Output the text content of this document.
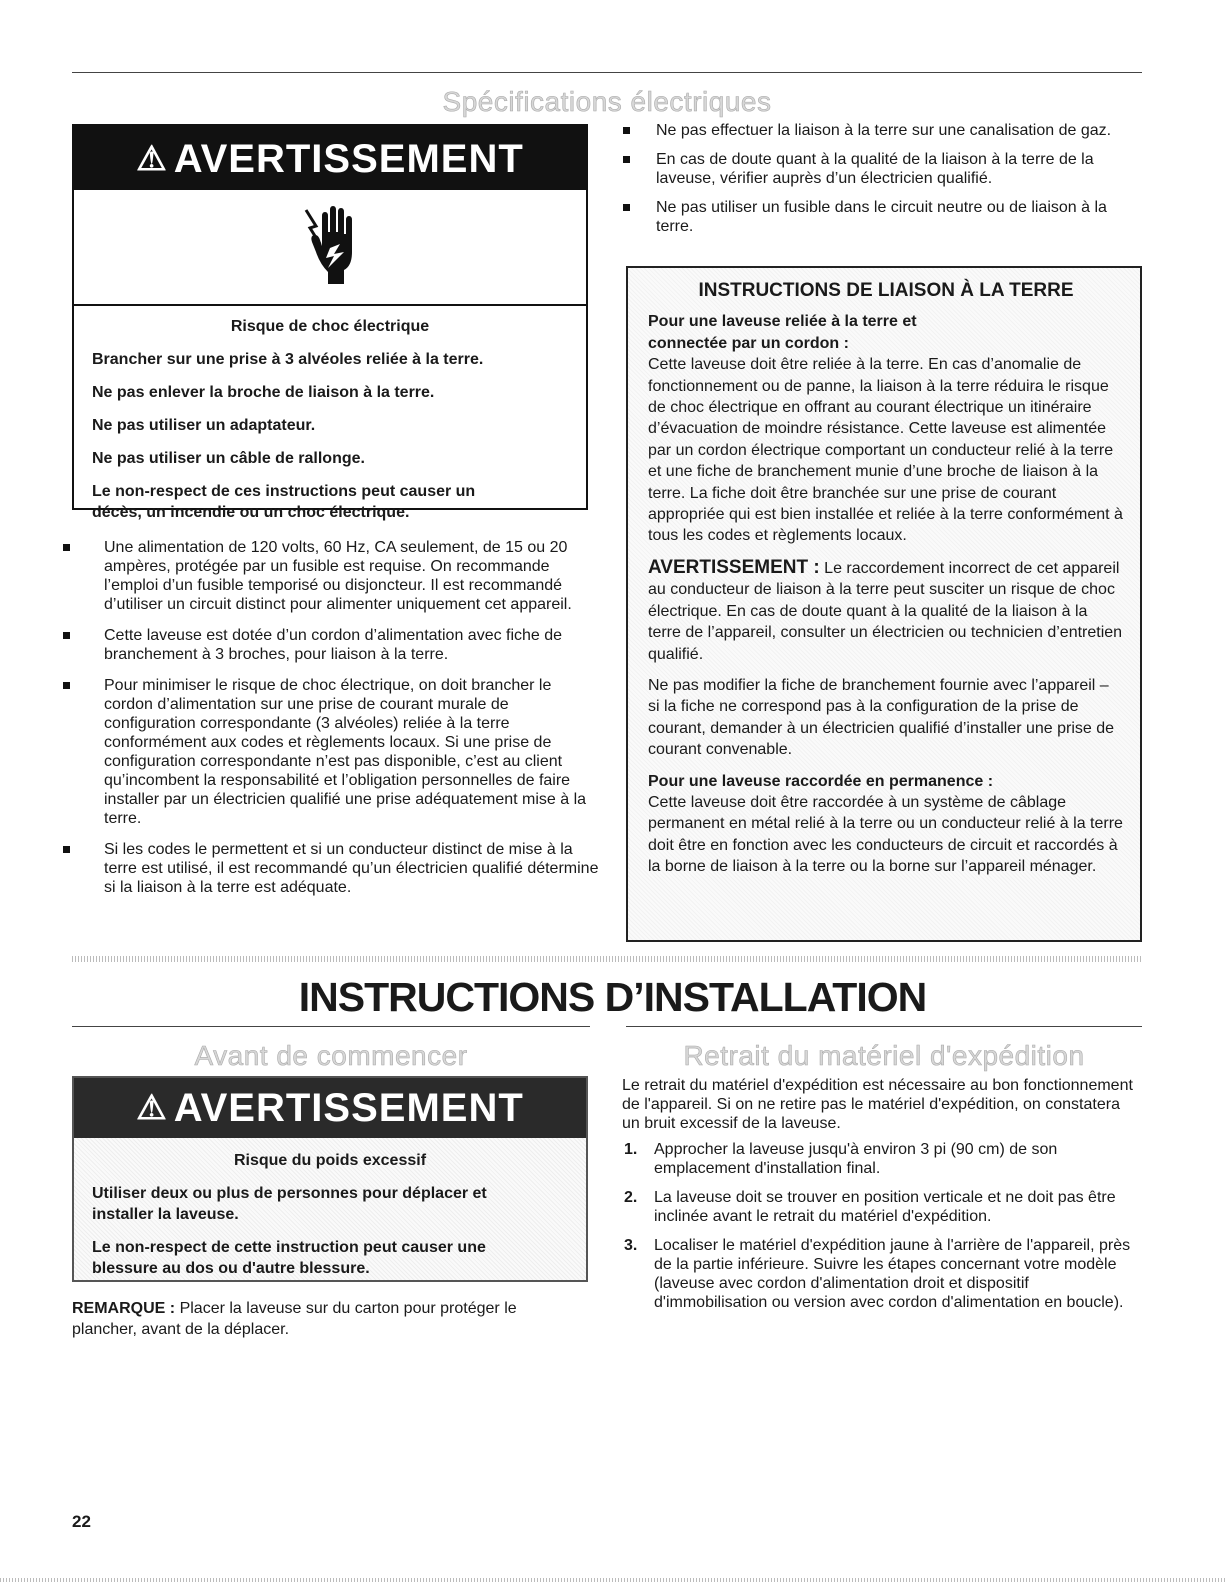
Spécifications électriques
⚠ AVERTISSEMENT

Risque de choc électrique

Brancher sur une prise à 3 alvéoles reliée à la terre.

Ne pas enlever la broche de liaison à la terre.

Ne pas utiliser un adaptateur.

Ne pas utiliser un câble de rallonge.

Le non-respect de ces instructions peut causer un décès, un incendie ou un choc électrique.

Une alimentation de 120 volts, 60 Hz, CA seulement, de 15 ou 20 ampères, protégée par un fusible est requise. On recommande l’emploi d’un fusible temporisé ou disjoncteur. Il est recommandé d’utiliser un circuit distinct pour alimenter uniquement cet appareil.
Cette laveuse est dotée d’un cordon d’alimentation avec fiche de branchement à 3 broches, pour liaison à la terre.
Pour minimiser le risque de choc électrique, on doit brancher le cordon d’alimentation sur une prise de courant murale de configuration correspondante (3 alvéoles) reliée à la terre conformément aux codes et règlements locaux. Si une prise de configuration correspondante n’est pas disponible, c’est au client qu’incombent la responsabilité et l’obligation personnelles de faire installer par un électricien qualifié une prise adéquatement mise à la terre.
Si les codes le permettent et si un conducteur distinct de mise à la terre est utilisé, il est recommandé qu’un électricien qualifié détermine si la liaison à la terre est adéquate.
Ne pas effectuer la liaison à la terre sur une canalisation de gaz.
En cas de doute quant à la qualité de la liaison à la terre de la laveuse, vérifier auprès d’un électricien qualifié.
Ne pas utiliser un fusible dans le circuit neutre ou de liaison à la terre.
INSTRUCTIONS DE LIAISON À LA TERRE
Pour une laveuse reliée à la terre et connectée par un cordon :

Cette laveuse doit être reliée à la terre. En cas d’anomalie de fonctionnement ou de panne, la liaison à la terre réduira le risque de choc électrique en offrant au courant électrique un itinéraire d’évacuation de moindre résistance. Cette laveuse est alimentée par un cordon électrique comportant un conducteur relié à la terre et une fiche de branchement munie d’une broche de liaison à la terre. La fiche doit être branchée sur une prise de courant appropriée qui est bien installée et reliée à la terre conformément à tous les codes et règlements locaux.

AVERTISSEMENT : Le raccordement incorrect de cet appareil au conducteur de liaison à la terre peut susciter un risque de choc électrique. En cas de doute quant à la qualité de la liaison à la terre de l’appareil, consulter un électricien ou technicien d’entretien qualifié.

Ne pas modifier la fiche de branchement fournie avec l’appareil – si la fiche ne correspond pas à la configuration de la prise de courant, demander à un électricien qualifié d’installer une prise de courant convenable.

Pour une laveuse raccordée en permanence :

Cette laveuse doit être raccordée à un système de câblage permanent en métal relié à la terre ou un conducteur relié à la terre doit être en fonction avec les conducteurs de circuit et raccordés à la borne de liaison à la terre ou la borne sur l’appareil ménager.

INSTRUCTIONS D’INSTALLATION
Avant de commencer
⚠ AVERTISSEMENT

Risque du poids excessif

Utiliser deux ou plus de personnes pour déplacer et installer la laveuse.

Le non-respect de cette instruction peut causer une blessure au dos ou d'autre blessure.

REMARQUE : Placer la laveuse sur du carton pour protéger le plancher, avant de la déplacer.

Retrait du matériel d'expédition

Le retrait du matériel d'expédition est nécessaire au bon fonctionnement de l'appareil. Si on ne retire pas le matériel d'expédition, on constatera un bruit excessif de la laveuse.

1. Approcher la laveuse jusqu'à environ 3 pi (90 cm) de son emplacement d'installation final.
2. La laveuse doit se trouver en position verticale et ne doit pas être inclinée avant le retrait du matériel d'expédition.
3. Localiser le matériel d'expédition jaune à l'arrière de l'appareil, près de la partie inférieure. Suivre les étapes concernant votre modèle (laveuse avec cordon d'alimentation droit et dispositif d'immobilisation ou version avec cordon d'alimentation en boucle).
22
